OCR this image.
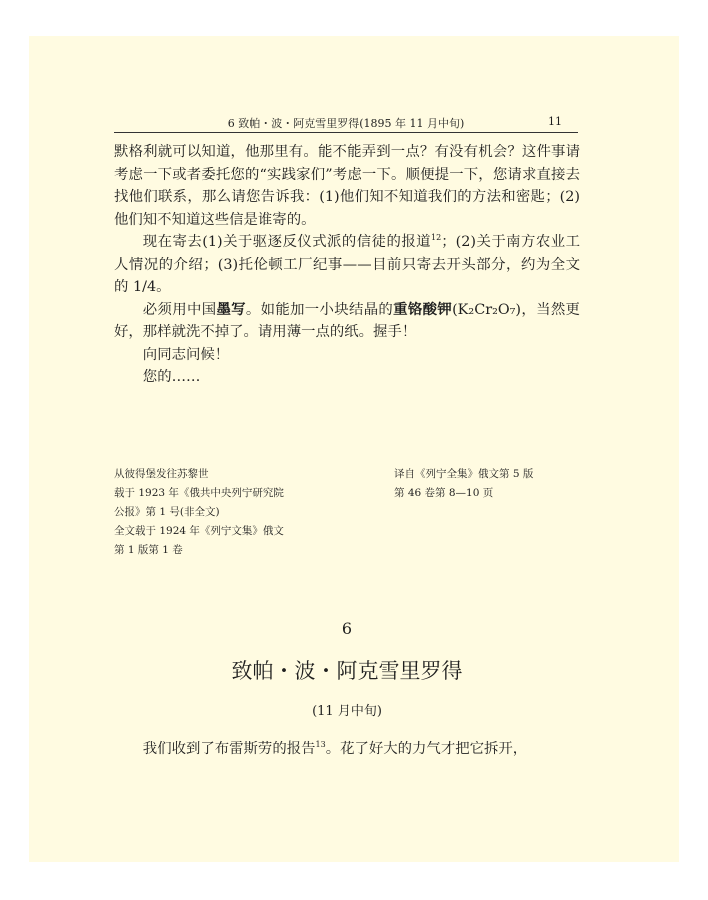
6 致帕・波・阿克雪里罗得(1895 年 11 月中旬)	11

默格利就可以知道，他那里有。能不能弄到一点？有没有机会？这件事请考虑一下或者委托您的“实践家们”考虑一下。顺便提一下，您请求直接去找他们联系，那么请您告诉我：(1)他们知不知道我们的方法和密匙；(2)他们知不知道这些信是谁寄的。

现在寄去(1)关于驱逐反仪式派的信徒的报道$^{12}$；(2)关于南方农业工人情况的介绍；(3)托伦顿工厂纪事——目前只寄去开头部分，约为全文的 1/4。

必须用中国墨写。如能加一小块结晶的重铬酸钾(K₂Cr₂O₇)，当然更好，那样就洗不掉了。请用薄一点的纸。握手！

向同志问候！

您的……

从彼得堡发往苏黎世
载于 1923 年《俄共中央列宁研究院
公报》第 1 号(非全文)
全文载于 1924 年《列宁文集》俄文
第 1 版第 1 卷
译自《列宁全集》俄文第 5 版
第 46 卷第 8—10 页
6
致帕・波・阿克雪里罗得
(11 月中旬)
我们收到了布雷斯劳的报告$^{13}$。花了好大的力气才把它拆开，
